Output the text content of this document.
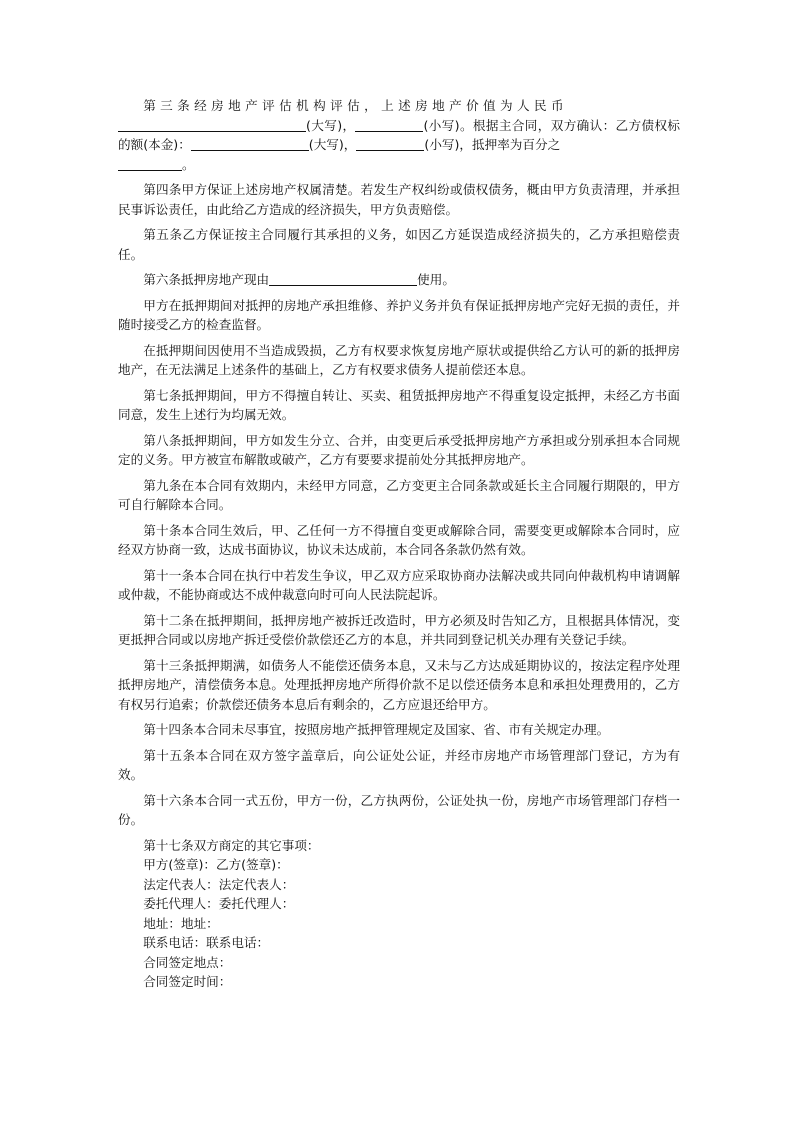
第三条经房地产评估机构评估，上述房地产价值为人民币
(大写)，	(小写)。根据主合同，双方确认：乙方债权标的额(本金)：	(大写)，	(小写)，抵押率为百分之
。

第四条甲方保证上述房地产权属清楚。若发生产权纠纷或债权债务，概由甲方负责清理，并承担民事诉讼责任，由此给乙方造成的经济损失，甲方负责赔偿。

第五条乙方保证按主合同履行其承担的义务，如因乙方延误造成经济损失的，乙方承担赔偿责任。

第六条抵押房地产现由	使用。

甲方在抵押期间对抵押的房地产承担维修、养护义务并负有保证抵押房地产完好无损的责任，并随时接受乙方的检查监督。

在抵押期间因使用不当造成毁损，乙方有权要求恢复房地产原状或提供给乙方认可的新的抵押房地产，在无法满足上述条件的基础上，乙方有权要求债务人提前偿还本息。

第七条抵押期间，甲方不得擅自转让、买卖、租赁抵押房地产不得重复设定抵押，未经乙方书面同意，发生上述行为均属无效。

第八条抵押期间，甲方如发生分立、合并，由变更后承受抵押房地产方承担或分别承担本合同规定的义务。甲方被宣布解散或破产，乙方有要要求提前处分其抵押房地产。

第九条在本合同有效期内，未经甲方同意，乙方变更主合同条款或延长主合同履行期限的，甲方可自行解除本合同。

第十条本合同生效后，甲、乙任何一方不得擅自变更或解除合同，需要变更或解除本合同时，应经双方协商一致，达成书面协议，协议未达成前，本合同各条款仍然有效。

第十一条本合同在执行中若发生争议，甲乙双方应采取协商办法解决或共同向仲裁机构申请调解或仲裁，不能协商或达不成仲裁意向时可向人民法院起诉。

第十二条在抵押期间，抵押房地产被拆迁改造时，甲方必须及时告知乙方，且根据具体情况，变更抵押合同或以房地产拆迁受偿价款偿还乙方的本息，并共同到登记机关办理有关登记手续。

第十三条抵押期满，如债务人不能偿还债务本息，又未与乙方达成延期协议的，按法定程序处理抵押房地产，清偿债务本息。处理抵押房地产所得价款不足以偿还债务本息和承担处理费用的，乙方有权另行追索；价款偿还债务本息后有剩余的，乙方应退还给甲方。

第十四条本合同未尽事宜，按照房地产抵押管理规定及国家、省、市有关规定办理。

第十五条本合同在双方签字盖章后，向公证处公证，并经市房地产市场管理部门登记，方为有效。

第十六条本合同一式五份，甲方一份，乙方执两份，公证处执一份，房地产市场管理部门存档一份。

第十七条双方商定的其它事项：

甲方(签章)：乙方(签章)：

法定代表人：法定代表人：

委托代理人：委托代理人：

地址：地址：

联系电话：联系电话：

合同签定地点：

合同签定时间：
